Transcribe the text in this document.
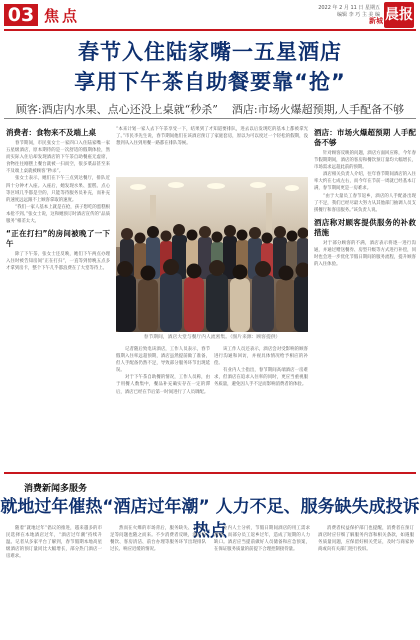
03 焦点	2022 年 2 月 11 日 星期五
编辑 李 巧 主 美 编
新城 晨报
春节入住陆家嘴一五星酒店
享用下午茶自助餐要靠“抢”
顾客:酒店内水果、点心还没上桌就“秒杀” 酒店:市场火爆超预期,人手配备不够
消费者：食物来不及端上桌

春节期间，市民张女士一家四口入住陆家嘴一家五星级酒店，原本期待的是一次舒适的假期体验，然而实际入住后却发现酒店的下午茶自助餐座无虚席，食物往往刚摆上餐台就被一扫而空，很多菜品甚至来不及端上桌就被顾客“秒杀”。

张女士表示，她们在下午三点到达餐厅，排队近四十分钟才入座。入座后，她发现水果、蛋糕、点心等区域几乎都是空的，只能等待服务员补充，而补充的速度远远跟不上顾客拿取的速度。

“我们一家人基本上就是在抢，孩子想吃的蛋糕根本抢不到。”张女士说，这和她预订时酒店宣传的“品质服务”相差太大。

“正在打扫”的房间被晚了一下午

除了下午茶，张女士还反映，她们下午两点办理入住时被告知房间“正在打扫”，一直等到傍晚五点多才拿到房卡，整个下午几乎都浪费在了大堂等待上。

“本来计划一家人去下午茶享受一下，结果到了才知道要排队，进去以后发现吃的基本上都被拿光了。”市民李先生说，春节期间他们在该酒店预订了家庭套房，原以为可以度过一个轻松的假期，没想到从入住到用餐一路都在排队等候。
春节期间，酒店大堂与餐厅内人流密集。（图片来源：顾客提供）

记者随后致电该酒店，工作人员表示，春节假期入住率远超预期，酒店虽然提前做了准备，但人手配备仍然不足，导致部分服务环节出现延误。

对于下午茶自助餐的情况，工作人员称，由于用餐人数集中，餐品补充确实存在一定的滞后，酒店已经在节后第一时间进行了人员调配。

该工作人员还表示，酒店会对受影响的顾客进行沟通和回访，并视具体情况给予相应的补偿。

有业内人士指出，春节期间高端酒店一房难求，但酒店在追求入住率的同时，更应当重视服务质量，避免因人手不足而影响消费者的体验。

酒店：市场火爆超预期 人手配备不够

针对顾客反映的问题，酒店方面回应称，今年春节假期期间，酒店的客房和餐饮预订量均大幅增长，市场需求远超此前的预期。

酒店相关负责人介绍，往年春节期间酒店的入住率大约在七成左右，而今年在节前一周就已经基本订满，春节期间更是一房难求。

“由于大量员工春节返乡，酒店的人手配备出现了不足，我们已经尽最大努力从其他部门抽调人员支援餐厅和客房服务。”该负责人说。

酒店称对顾客提供服务的补救措施

对于部分顾客的不满，酒店表示将逐一进行沟通，并通过赠送餐券、房型升级等方式进行补偿，同时也会进一步优化节假日期间的服务流程，提升顾客的入住体验。

消费新闻多服务
就地过年催热“酒店过年潮” 人力不足、服务缺失成投诉热点

随着“就地过年”倡议的推进，越来越多的市民选择在本地酒店过年，“酒店过年潮”持续升温。记者从多家平台了解到，春节假期本地高星级酒店的预订量同比大幅增长，部分热门酒店一房难求。

然而在火爆的市场背后，服务缺失、人力不足等问题也随之而来。不少消费者反映，酒店的餐饮、客房清洁、前台办理等服务环节出现排队过长、响应迟缓的情况。

业内人士分析，节假日期间酒店的用工需求激增，而部分员工返乡过年，造成了短期的人力缺口。酒店应当提前做好人员储备和应急预案，在保证服务质量的前提下合理控制接待量。

消费者权益保护部门也提醒，消费者在预订酒店时应仔细了解服务内容和相关条款，如遇服务质量问题，应保留好相关凭证，及时与商家协商或向有关部门进行投诉。
